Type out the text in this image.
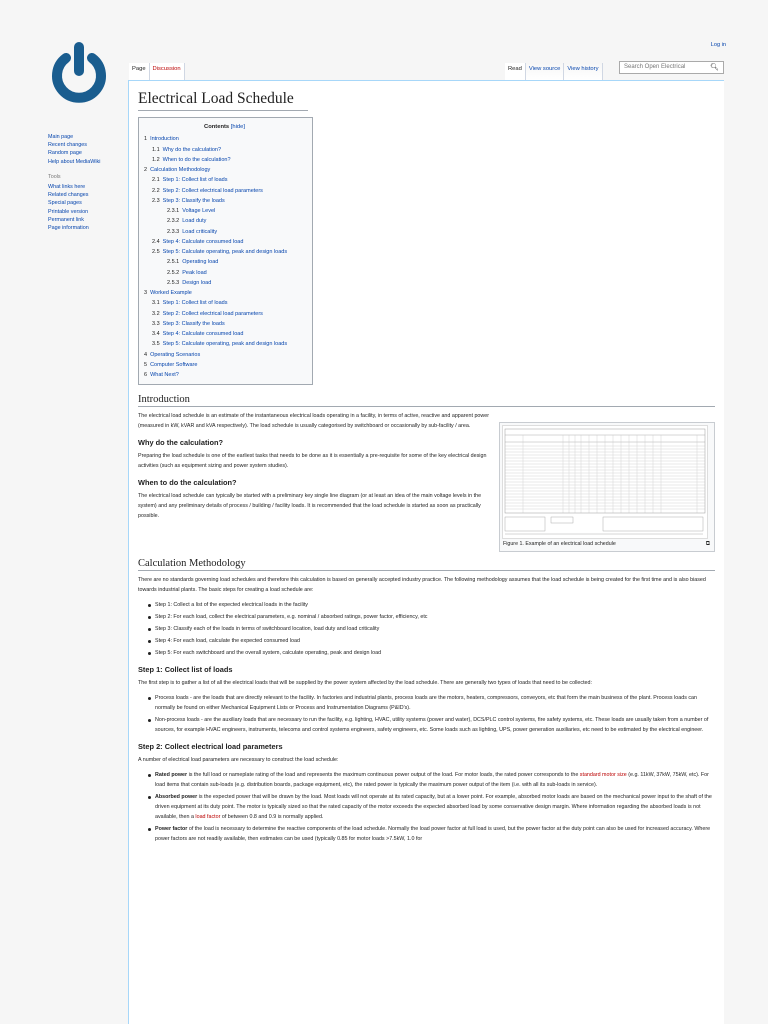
Log in
Main page
Recent changes
Random page
Help about MediaWiki
Tools
What links here
Related changes
Special pages
Printable version
Permanent link
Page information
Page	Discussion	Read	View source	View history	Search Open Electrical	🔍︎
Electrical Load Schedule
Contents [hide]
1 Introduction
1.1 Why do the calculation?
1.2 When to do the calculation?
2 Calculation Methodology
2.1 Step 1: Collect list of loads
2.2 Step 2: Collect electrical load parameters
2.3 Step 3: Classify the loads
2.3.1 Voltage Level
2.3.2 Load duty
2.3.3 Load criticality
2.4 Step 4: Calculate consumed load
2.5 Step 5: Calculate operating, peak and design loads
2.5.1 Operating load
2.5.2 Peak load
2.5.3 Design load
3 Worked Example
3.1 Step 1: Collect list of loads
3.2 Step 2: Collect electrical load parameters
3.3 Step 3: Classify the loads
3.4 Step 4: Calculate consumed load
3.5 Step 5: Calculate operating, peak and design loads
4 Operating Scenarios
5 Computer Software
6 What Next?
Introduction
Figure 1. Example of an electrical load schedule	⧉

The electrical load schedule is an estimate of the instantaneous electrical loads operating in a facility, in terms of active, reactive and apparent power (measured in kW, kVAR and kVA respectively). The load schedule is usually categorised by switchboard or occasionally by sub-facility / area.

Why do the calculation?

Preparing the load schedule is one of the earliest tasks that needs to be done as it is essentially a pre-requisite for some of the key electrical design activities (such as equipment sizing and power system studies).

When to do the calculation?

The electrical load schedule can typically be started with a preliminary key single line diagram (or at least an idea of the main voltage levels in the system) and any preliminary details of process / building / facility loads. It is recommended that the load schedule is started as soon as practically possible.

Calculation Methodology

There are no standards governing load schedules and therefore this calculation is based on generally accepted industry practice. The following methodology assumes that the load schedule is being created for the first time and is also biased towards industrial plants. The basic steps for creating a load schedule are:

Step 1: Collect a list of the expected electrical loads in the facility
Step 2: For each load, collect the electrical parameters, e.g. nominal / absorbed ratings, power factor, efficiency, etc
Step 3: Classify each of the loads in terms of switchboard location, load duty and load criticality
Step 4: For each load, calculate the expected consumed load
Step 5: For each switchboard and the overall system, calculate operating, peak and design load
Step 1: Collect list of loads

The first step is to gather a list of all the electrical loads that will be supplied by the power system affected by the load schedule. There are generally two types of loads that need to be collected:

Process loads - are the loads that are directly relevant to the facility. In factories and industrial plants, process loads are the motors, heaters, compressors, conveyors, etc that form the main business of the plant. Process loads can normally be found on either Mechanical Equipment Lists or Process and Instrumentation Diagrams (P&ID's).
Non-process loads - are the auxiliary loads that are necessary to run the facility, e.g. lighting, HVAC, utility systems (power and water), DCS/PLC control systems, fire safety systems, etc. These loads are usually taken from a number of sources, for example HVAC engineers, instruments, telecoms and control systems engineers, safety engineers, etc. Some loads such as lighting, UPS, power generation auxiliaries, etc need to be estimated by the electrical engineer.
Step 2: Collect electrical load parameters

A number of electrical load parameters are necessary to construct the load schedule:

Rated power is the full load or nameplate rating of the load and represents the maximum continuous power output of the load. For motor loads, the rated power corresponds to the standard motor size (e.g. 11kW, 37kW, 75kW, etc). For load items that contain sub-loads (e.g. distribution boards, package equipment, etc), the rated power is typically the maximum power output of the item (i.e. with all its sub-loads in service).
Absorbed power is the expected power that will be drawn by the load. Most loads will not operate at its rated capacity, but at a lower point. For example, absorbed motor loads are based on the mechanical power input to the shaft of the driven equipment at its duty point. The motor is typically sized so that the rated capacity of the motor exceeds the expected absorbed load by some conservative design margin. Where information regarding the absorbed loads is not available, then a load factor of between 0.8 and 0.9 is normally applied.
Power factor of the load is necessary to determine the reactive components of the load schedule. Normally the load power factor at full load is used, but the power factor at the duty point can also be used for increased accuracy. Where power factors are not readily available, then estimates can be used (typically 0.85 for motor loads >7.5kW, 1.0 for
